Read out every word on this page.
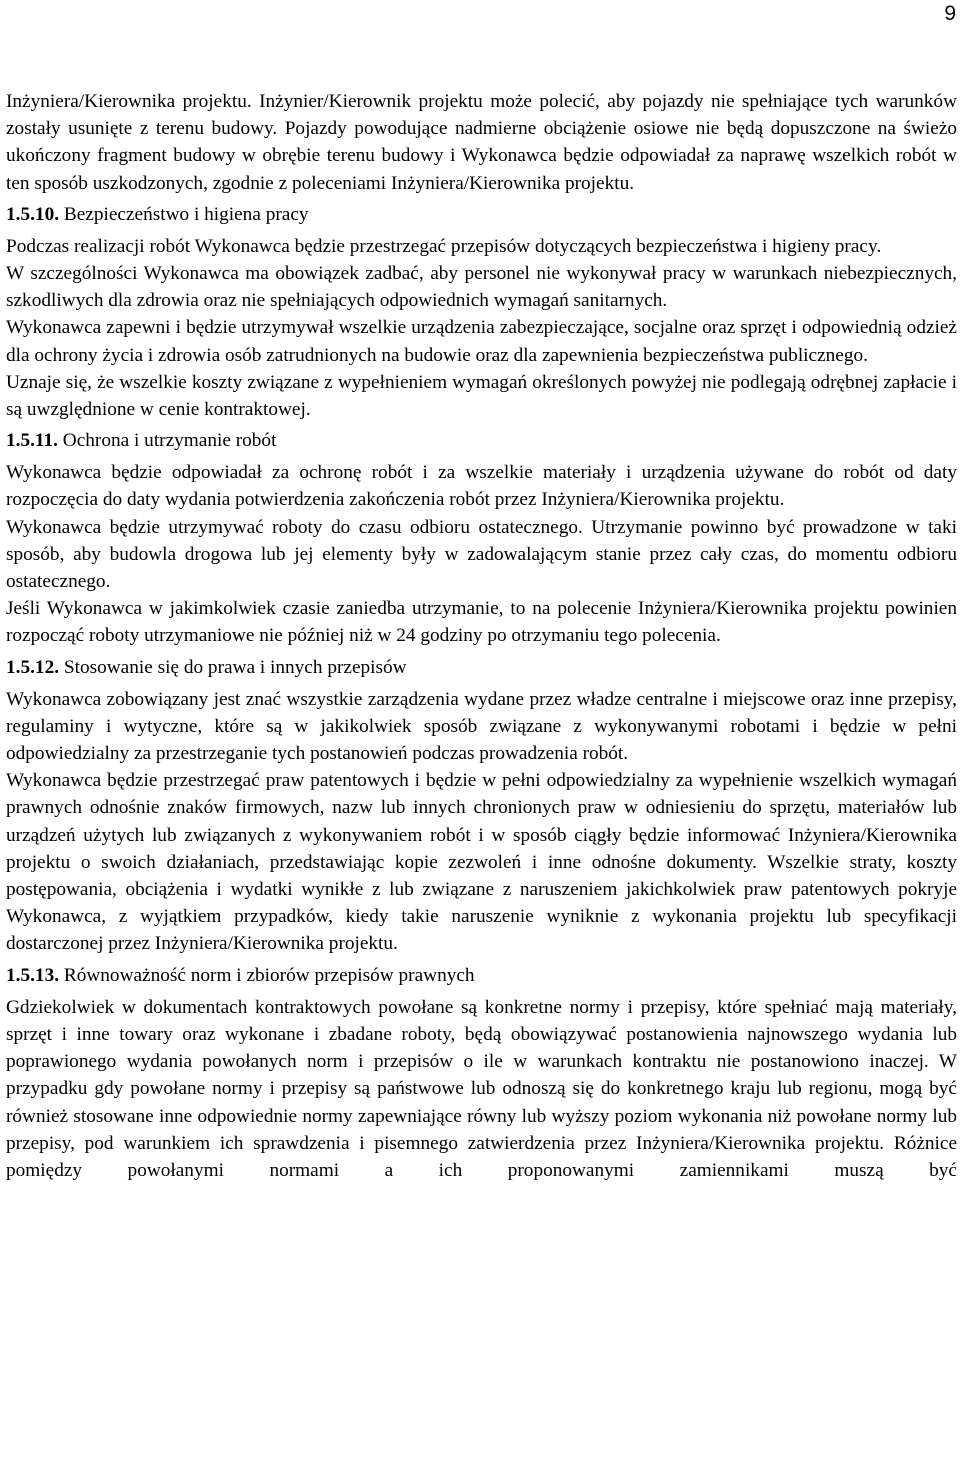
9

Inżyniera/Kierownika projektu. Inżynier/Kierownik projektu może polecić, aby pojazdy nie spełniające tych warunków zostały usunięte z terenu budowy. Pojazdy powodujące nadmierne obciążenie osiowe nie będą dopuszczone na świeżo ukończony fragment budowy w obrębie terenu budowy i Wykonawca będzie odpowiadał za naprawę wszelkich robót w ten sposób uszkodzonych, zgodnie z poleceniami Inżyniera/Kierownika projektu.

1.5.10. Bezpieczeństwo i higiena pracy

Podczas realizacji robót Wykonawca będzie przestrzegać przepisów dotyczących bezpieczeństwa i higieny pracy.

W szczególności Wykonawca ma obowiązek zadbać, aby personel nie wykonywał pracy w warunkach niebezpiecznych, szkodliwych dla zdrowia oraz nie spełniających odpowiednich wymagań sanitarnych.

Wykonawca zapewni i będzie utrzymywał wszelkie urządzenia zabezpieczające, socjalne oraz sprzęt i odpowiednią odzież dla ochrony życia i zdrowia osób zatrudnionych na budowie oraz dla zapewnienia bezpieczeństwa publicznego.

Uznaje się, że wszelkie koszty związane z wypełnieniem wymagań określonych powyżej nie podlegają odrębnej zapłacie i są uwzględnione w cenie kontraktowej.

1.5.11. Ochrona i utrzymanie robót

Wykonawca będzie odpowiadał za ochronę robót i za wszelkie materiały i urządzenia używane do robót od daty rozpoczęcia do daty wydania potwierdzenia zakończenia robót przez Inżyniera/Kierownika projektu.

Wykonawca będzie utrzymywać roboty do czasu odbioru ostatecznego. Utrzymanie powinno być prowadzone w taki sposób, aby budowla drogowa lub jej elementy były w zadowalającym stanie przez cały czas, do momentu odbioru ostatecznego.

Jeśli Wykonawca w jakimkolwiek czasie zaniedba utrzymanie, to na polecenie Inżyniera/Kierownika projektu powinien rozpocząć roboty utrzymaniowe nie później niż w 24 godziny po otrzymaniu tego polecenia.

1.5.12. Stosowanie się do prawa i innych przepisów

Wykonawca zobowiązany jest znać wszystkie zarządzenia wydane przez władze centralne i miejscowe oraz inne przepisy, regulaminy i wytyczne, które są w jakikolwiek sposób związane z wykonywanymi robotami i będzie w pełni odpowiedzialny za przestrzeganie tych postanowień podczas prowadzenia robót.

Wykonawca będzie przestrzegać praw patentowych i będzie w pełni odpowiedzialny za wypełnienie wszelkich wymagań prawnych odnośnie znaków firmowych, nazw lub innych chronionych praw w odniesieniu do sprzętu, materiałów lub urządzeń użytych lub związanych z wykonywaniem robót i w sposób ciągły będzie informować Inżyniera/Kierownika projektu o swoich działaniach, przedstawiając kopie zezwoleń i inne odnośne dokumenty. Wszelkie straty, koszty postępowania, obciążenia i wydatki wynikłe z lub związane z naruszeniem jakichkolwiek praw patentowych pokryje Wykonawca, z wyjątkiem przypadków, kiedy takie naruszenie wyniknie z wykonania projektu lub specyfikacji dostarczonej przez Inżyniera/Kierownika projektu.

1.5.13. Równoważność norm i zbiorów przepisów prawnych

Gdziekolwiek w dokumentach kontraktowych powołane są konkretne normy i przepisy, które spełniać mają materiały, sprzęt i inne towary oraz wykonane i zbadane roboty, będą obowiązywać postanowienia najnowszego wydania lub poprawionego wydania powołanych norm i przepisów o ile w warunkach kontraktu nie postanowiono inaczej. W przypadku gdy powołane normy i przepisy są państwowe lub odnoszą się do konkretnego kraju lub regionu, mogą być również stosowane inne odpowiednie normy zapewniające równy lub wyższy poziom wykonania niż powołane normy lub przepisy, pod warunkiem ich sprawdzenia i pisemnego zatwierdzenia przez Inżyniera/Kierownika projektu. Różnice pomiędzy powołanymi normami a ich proponowanymi zamiennikami muszą być
